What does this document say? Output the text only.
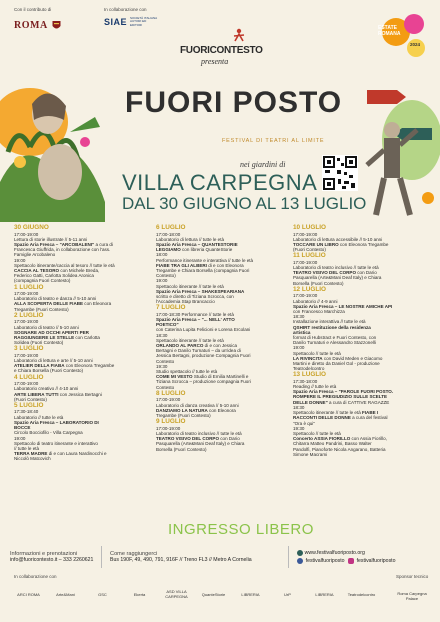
Con il contributo di
ROMA
In collaborazione con
SIAE SOCIETÀ ITALIANA AUTORI ED EDITORI
ESTATE ROMANA
2024
FUORICONTESTO
presenta
FUORI POSTO
FESTIVAL DI TEATRI AL LIMITE
nei giardini di
VILLA CARPEGNA
DAL 30 GIUGNO AL 13 LUGLIO
30 GIUGNO
17:00-19:00
Lettura di storie illustrate // 5-11 anni
Spazio Aria Fresca – "ARCOBALENI" a cura di
Francesca Giuffrida, in collaborazione con l'ass.
Famiglie Arcobaleno
19:00
Spettacolo itinerante/caccia al tesoro // tutte le età
CACCIA AL TESORO con Michele Breda,
Federico Gatti, Carlotta Solidea Aronica
(compagnia Fuori Contesto)
1 LUGLIO
17:00-19:00
Laboratorio di teatro e danza // 5-10 anni
ALLA SCOPERTA DELLE FIABE con Eleonora
Tregambe (Fuori Contesto)
2 LUGLIO
17:00-19:00
Laboratorio di teatro // 5-10 anni
SOGNARE AD OCCHI APERTI PER
RAGGIUNGERE LE STELLE con Carlotta
Solidea (Fuori Contesto)
3 LUGLIO
17:00-19:00
Laboratorio di lettura e arte // 5-10 anni
ATELIER DELLA FIABA con Eleonora Tregambe
e Chiara Borsella (Fuori Contesto)
4 LUGLIO
17:00-19:00
Laboratorio creativo // 4-10 anni
ARTE LIBERA TUTTI con Jessica Bertagni
(Fuori Contesto)
5 LUGLIO
17:30-18:40
Laboratorio // tutte le età
Spazio Aria Fresca – LABORATORIO DI
BOCCE
Circolo Bocciofilo - Villa Carpegna
19:00
Spettacolo di teatro itinerante e interattivo
// tutte le età
TERRA MADRE di e con Laura Nardinocchi e
Niccolò Matcovich
6 LUGLIO
17:00-18:00
Laboratorio di lettura // tutte le età
Spazio Aria Fresca – QUANTESTORIE
LEGGIAMO con libreria QuanteStorie
18:00
Performance itinerante e interattiva // tutte le età
FIABE TRA GLI ALBERI di e con Eleonora
Tregambe e Chiara Borsella (compagnia Fuori
Contesto)
19:00
Spettacolo itinerante // tutte le età
Spazio Aria Fresca – SHAKESPEARIANA
scritto e diretto di Tiziana Scrocca, con
l'Accademia Stap Brancaccio
7 LUGLIO
17:00-18:30 Performance // tutte le età
Spazio Aria Fresca – "... NELL' ATTO
POETICO"
con Caterina Lupita Felicioni e Lorena Ercolani
18:30
Spettacolo itinerante // tutte le età
ORLANDO AL PARCO di e con Jessica
Bertagni e Danilo Turnaturi – da un'idea di
Jessica Bertagni, produzione Compagnia Fuori
Contesto
19:30
Studio spettacolo // tutte le età
COME MI VESTO Studio di Emilia Martinelli e
Tiziana Scrocca – produzione compagnia Fuori
Contesto
8 LUGLIO
17:00-19:00
Laboratorio di danza creativa // 5-10 anni
DANZIAMO LA NATURA con Eleonora
Tregambe (Fuori Contesto)
9 LUGLIO
17:00-19:00
Laboratorio di teatro inclusivo // tutte le età
TEATRO VISIVO DEL CORPO con Dario
Pasquarella (Arte&Mani Deaf Italy) e Chiara
Borsella (Fuori Contesto)
10 LUGLIO
17:00-19:00
Laboratorio di lettura accessibile // 5-10 anni
TOCCARE UN LIBRO con Eleonora Tregambe
(Fuori Contesto)
11 LUGLIO
17:00-19:00
Laboratorio di teatro inclusivo // tutte le età
TEATRO VISIVO DEL CORPO con Dario
Pasquarella (Arte&Mani Deaf Italy) e Chiara
Borsella (Fuori Contesto)
12 LUGLIO
17:00-19:00
Laboratorio // 4-9 anni
Spazio Aria Fresca – LE NOSTRE AMICHE API
con Francesco Marchizza
18:30
Installazione interattiva // tutte le età
QSHIRT restituzione della residenza
artistica
format di Hubstract e Fuori Contesto, con
Danilo Turnaturi e Alessandro Stazzonelli
19:00
Spettacolo // tutte le età
LA RIVINCITA con David Meden e Giacomo
Martini e diretto da Daniel Gol - produzione
Teatrodelcontro
13 LUGLIO
17:30-18:00
Reading // tutte le età
Spazio Aria Fresca – "PAROLE FUORI POSTO.
ROMPERE IL PREGIUDIZIO SULLE SCELTE
DELLE DONNE" a cura di CATTIVE RAGAZZE
18:30
Spettacolo itinerante // tutte le età FIABE I
RACCONTI DELLE DONNE a cura del festival
"Ora è qui"
19:30
Spettacolo // tutte le età
Concerto ASSIA FIORILLO con Assia Fiorillo,
Chitarra Matteo Pandrini, Basso Walter
Pandolfi, Pianoforte Nicola Angarano, Batteria
Simone Macrami
INGRESSO LIBERO
Informazioni e prenotazioni
info@fuoricontesto.it – 333 2260621
Come raggiungerci
Bus 190F, 49, 490, 791, 916F // Treno FL3 // Metro A Cornelia
www.festivalfuoriposto.org
festivalfuoriposto festivalfuoriposto
In collaborazione con	Sponsor tecnico
ARCI ROMA	Arte&Mani	GSC	Ekerta	ASD VILLA CARPEGNA	QuanteStorie	LIBRERIA	UrP	LIBRERIA	Teatrodelcontro	Roma Carpegna Palace
